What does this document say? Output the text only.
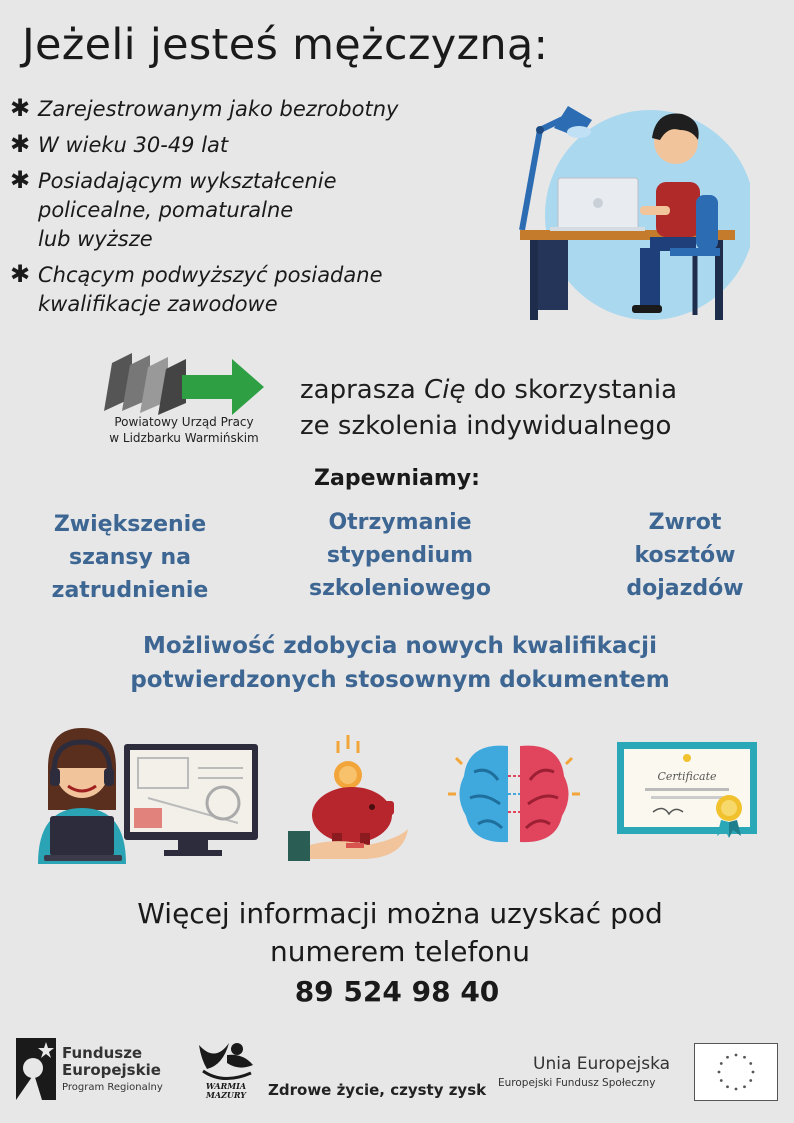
Jeżeli jesteś mężczyzną:
✱ Zarejestrowanym jako bezrobotny
✱ W wieku 30-49 lat
✱ Posiadającym wykształcenie
policealne, pomaturalne
lub wyższe
✱ Chcącym podwyższyć posiadane
kwalifikacje zawodowe
Powiatowy Urząd Pracy
w Lidzbarku Warmińskim
zaprasza Cię do skorzystania
ze szkolenia indywidualnego
Zapewniamy:
Zwiększenie
szansy na
zatrudnienie
Otrzymanie
stypendium
szkoleniowego
Zwrot
kosztów
dojazdów
Możliwość zdobycia nowych kwalifikacji
potwierdzonych stosownym dokumentem
Certificate
Więcej informacji można uzyskać pod
numerem telefonu
89 524 98 40
Fundusze
Europejskie
Program Regionalny	WARMIA
MAZURY Zdrowe życie, czysty zysk
Unia Europejska
Europejski Fundusz Społeczny
